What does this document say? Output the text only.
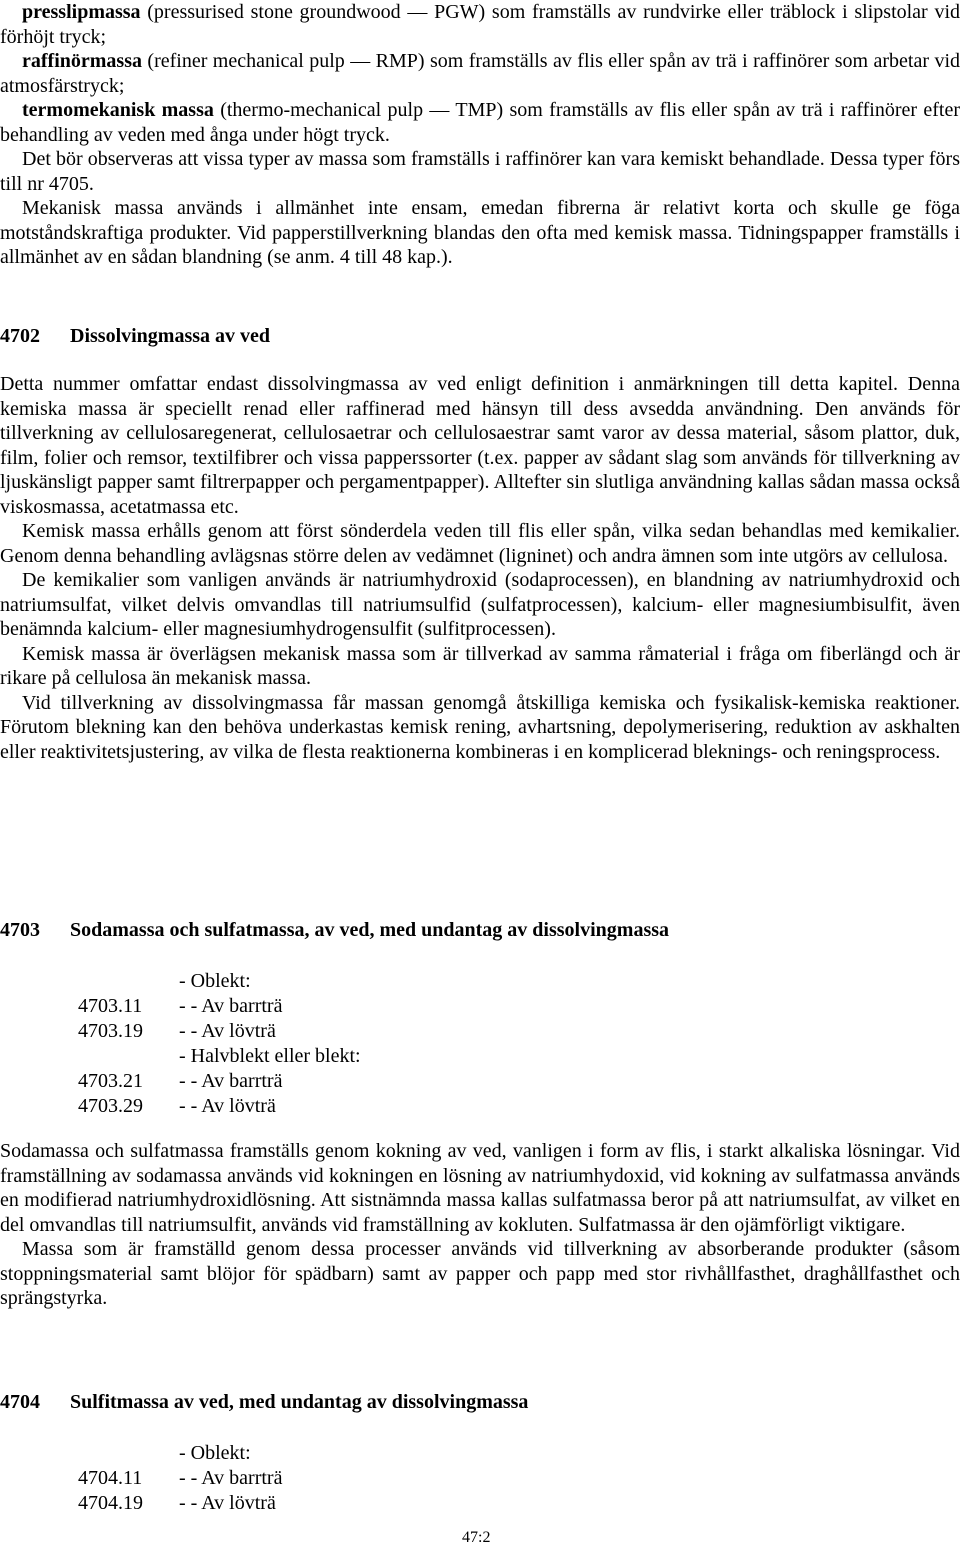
presslipmassa (pressurised stone groundwood — PGW) som framställs av rundvirke eller träblock i slipstolar vid förhöjt tryck;

raffinörmassa (refiner mechanical pulp — RMP) som framställs av flis eller spån av trä i raffinörer som arbetar vid atmosfärstryck;

termomekanisk massa (thermo-mechanical pulp — TMP) som framställs av flis eller spån av trä i raffinörer efter behandling av veden med ånga under högt tryck.

Det bör observeras att vissa typer av massa som framställs i raffinörer kan vara kemiskt behandlade. Dessa typer förs till nr 4705.

Mekanisk massa används i allmänhet inte ensam, emedan fibrerna är relativt korta och skulle ge föga motståndskraftiga produkter. Vid papperstillverkning blandas den ofta med kemisk massa. Tidningspapper framställs i allmänhet av en sådan blandning (se anm. 4 till 48 kap.).

4702 Dissolvingmassa av ved

Detta nummer omfattar endast dissolvingmassa av ved enligt definition i anmärkningen till detta kapitel. Denna kemiska massa är speciellt renad eller raffinerad med hänsyn till dess avsedda användning. Den används för tillverkning av cellulosaregenerat, cellulosaetrar och cellulosaestrar samt varor av dessa material, såsom plattor, duk, film, folier och remsor, textilfibrer och vissa papperssorter (t.ex. papper av sådant slag som används för tillverkning av ljuskänsligt papper samt filtrerpapper och pergamentpapper). Alltefter sin slutliga användning kallas sådan massa också viskosmassa, acetatmassa etc.

Kemisk massa erhålls genom att först sönderdela veden till flis eller spån, vilka sedan behandlas med kemikalier. Genom denna behandling avlägsnas större delen av vedämnet (ligninet) och andra ämnen som inte utgörs av cellulosa.

De kemikalier som vanligen används är natriumhydroxid (sodaprocessen), en blandning av natriumhydroxid och natriumsulfat, vilket delvis omvandlas till natriumsulfid (sulfatprocessen), kalcium- eller magnesiumbisulfit, även benämnda kalcium- eller magnesiumhydrogensulfit (sulfitprocessen).

Kemisk massa är överlägsen mekanisk massa som är tillverkad av samma råmaterial i fråga om fiberlängd och är rikare på cellulosa än mekanisk massa.

Vid tillverkning av dissolvingmassa får massan genomgå åtskilliga kemiska och fysikalisk-kemiska reaktioner. Förutom blekning kan den behöva underkastas kemisk rening, avhartsning, depolymerisering, reduktion av askhalten eller reaktivitetsjustering, av vilka de flesta reaktionerna kombineras i en komplicerad bleknings- och reningsprocess.

4703 Sodamassa och sulfatmassa, av ved, med undantag av dissolvingmassa
- Oblekt:
4703.11 - - Av barrträ
4703.19 - - Av lövträ
- Halvblekt eller blekt:
4703.21 - - Av barrträ
4703.29 - - Av lövträ

Sodamassa och sulfatmassa framställs genom kokning av ved, vanligen i form av flis, i starkt alkaliska lösningar. Vid framställning av sodamassa används vid kokningen en lösning av natriumhydoxid, vid kokning av sulfatmassa används en modifierad natriumhydroxidlösning. Att sistnämnda massa kallas sulfatmassa beror på att natriumsulfat, av vilket en del omvandlas till natriumsulfit, används vid framställning av kokluten. Sulfatmassa är den ojämförligt viktigare.

Massa som är framställd genom dessa processer används vid tillverkning av absorberande produkter (såsom stoppningsmaterial samt blöjor för spädbarn) samt av papper och papp med stor rivhållfasthet, draghållfasthet och sprängstyrka.

4704 Sulfitmassa av ved, med undantag av dissolvingmassa
- Oblekt:
4704.11 - - Av barrträ
4704.19 - - Av lövträ
47:2
